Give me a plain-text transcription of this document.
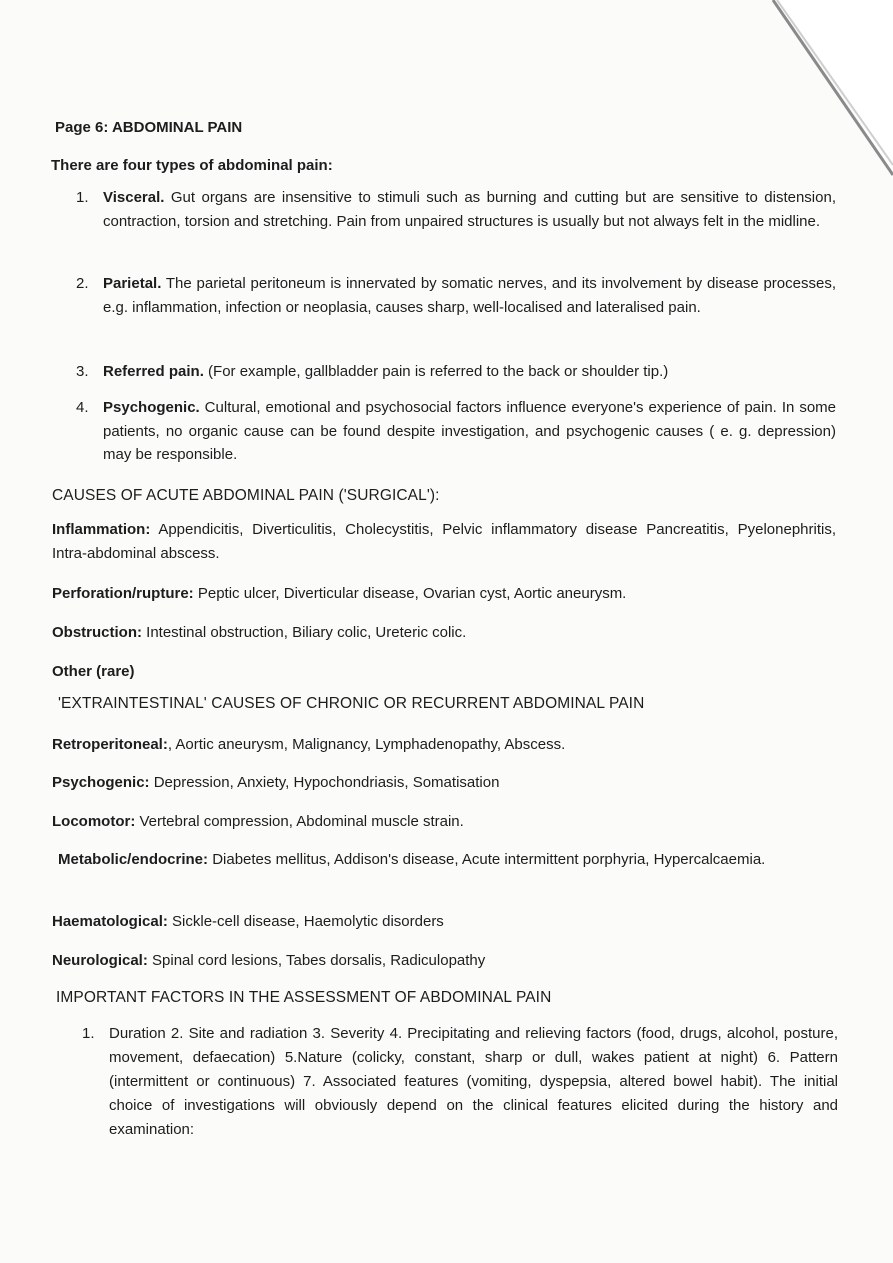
Page 6: ABDOMINAL PAIN
There are four types of abdominal pain:
1. Visceral. Gut organs are insensitive to stimuli such as burning and cutting but are sensitive to distension, contraction, torsion and stretching. Pain from unpaired structures is usually but not always felt in the midline.
2. Parietal. The parietal peritoneum is innervated by somatic nerves, and its involvement by disease processes, e.g. inflammation, infection or neoplasia, causes sharp, well-localised and lateralised pain.
3. Referred pain. (For example, gallbladder pain is referred to the back or shoulder tip.)
4. Psychogenic. Cultural, emotional and psychosocial factors influence everyone's experience of pain. In some patients, no organic cause can be found despite investigation, and psychogenic causes ( e. g. depression) may be responsible.
CAUSES OF ACUTE ABDOMINAL PAIN ('SURGICAL'):
Inflammation: Appendicitis, Diverticulitis, Cholecystitis, Pelvic inflammatory disease Pancreatitis, Pyelonephritis, Intra-abdominal abscess.
Perforation/rupture: Peptic ulcer, Diverticular disease, Ovarian cyst, Aortic aneurysm.
Obstruction: Intestinal obstruction, Biliary colic, Ureteric colic.
Other (rare)
'EXTRAINTESTINAL' CAUSES OF CHRONIC OR RECURRENT ABDOMINAL PAIN
Retroperitoneal:, Aortic aneurysm, Malignancy, Lymphadenopathy, Abscess.
Psychogenic: Depression, Anxiety, Hypochondriasis, Somatisation
Locomotor: Vertebral compression, Abdominal muscle strain.
Metabolic/endocrine: Diabetes mellitus, Addison's disease, Acute intermittent porphyria, Hypercalcaemia.
Haematological: Sickle-cell disease, Haemolytic disorders
Neurological: Spinal cord lesions, Tabes dorsalis, Radiculopathy
IMPORTANT FACTORS IN THE ASSESSMENT OF ABDOMINAL PAIN
1. Duration 2. Site and radiation 3. Severity 4. Precipitating and relieving factors (food, drugs, alcohol, posture, movement, defaecation) 5.Nature (colicky, constant, sharp or dull, wakes patient at night) 6. Pattern (intermittent or continuous) 7. Associated features (vomiting, dyspepsia, altered bowel habit). The initial choice of investigations will obviously depend on the clinical features elicited during the history and examination:
